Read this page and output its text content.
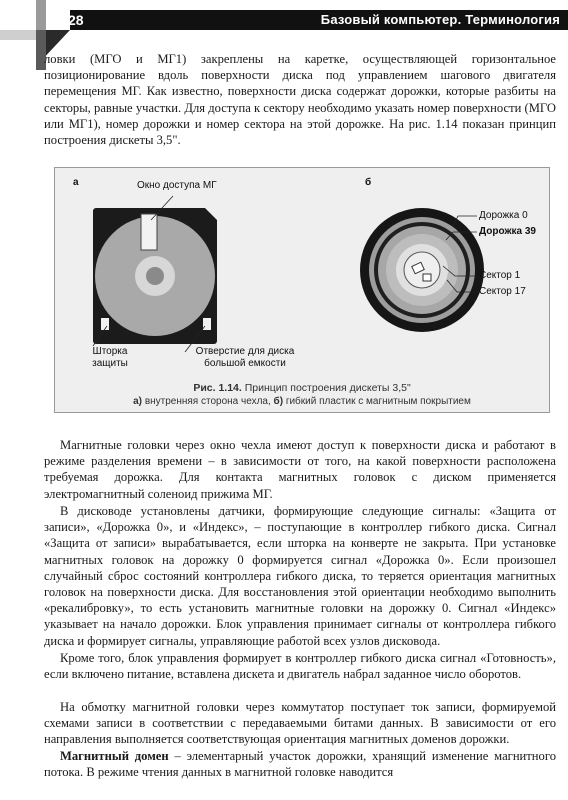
28	Базовый компьютер. Терминология

ловки (МГО и МГ1) закреплены на каретке, осуществляющей горизонтальное позиционирование вдоль поверхности диска под управлением шагового двигателя перемещения МГ. Как известно, поверхности диска содержат дорожки, которые разбиты на секторы, равные участки. Для доступа к сектору необходимо указать номер поверхности (МГО или МГ1), номер дорожки и номер сектора на этой дорожке. На рис. 1.14 показан принцип построения дискеты 3,5".

а	б
Окно доступа МГ
Шторка
защиты
Отверстие для диска
большой емкости
Дорожка 0
Дорожка 39
Сектор 1
Сектор 17
Рис. 1.14. Принцип построения дискеты 3,5"
а) внутренняя сторона чехла, б) гибкий пластик с магнитным покрытием

Магнитные головки через окно чехла имеют доступ к поверхности диска и работают в режиме разделения времени – в зависимости от того, на какой поверхности расположена требуемая дорожка. Для контакта магнитных головок с диском применяется электромагнитный соленоид прижима МГ.

В дисководе установлены датчики, формирующие следующие сигналы: «Защита от записи», «Дорожка 0», и «Индекс», – поступающие в контроллер гибкого диска. Сигнал «Защита от записи» вырабатывается, если шторка на конверте не закрыта. При установке магнитных головок на дорожку 0 формируется сигнал «Дорожка 0». Если произошел случайный сброс состояний контроллера гибкого диска, то теряется ориентация магнитных головок на поверхности диска. Для восстановления этой ориентации необходимо выполнить «рекалибровку», то есть установить магнитные головки на дорожку 0. Сигнал «Индекс» указывает на начало дорожки. Блок управления принимает сигналы от контроллера гибкого диска и формирует сигналы, управляющие работой всех узлов дисковода.

Кроме того, блок управления формирует в контроллер гибкого диска сигнал «Готовность», если включено питание, вставлена дискета и двигатель набрал заданное число оборотов.

На обмотку магнитной головки через коммутатор поступает ток записи, формируемой схемами записи в соответствии с передаваемыми битами данных. В зависимости от его направления выполняется соответствующая ориентация магнитных доменов дорожки.

Магнитный домен – элементарный участок дорожки, хранящий изменение магнитного потока. В режиме чтения данных в магнитной головке наводится
